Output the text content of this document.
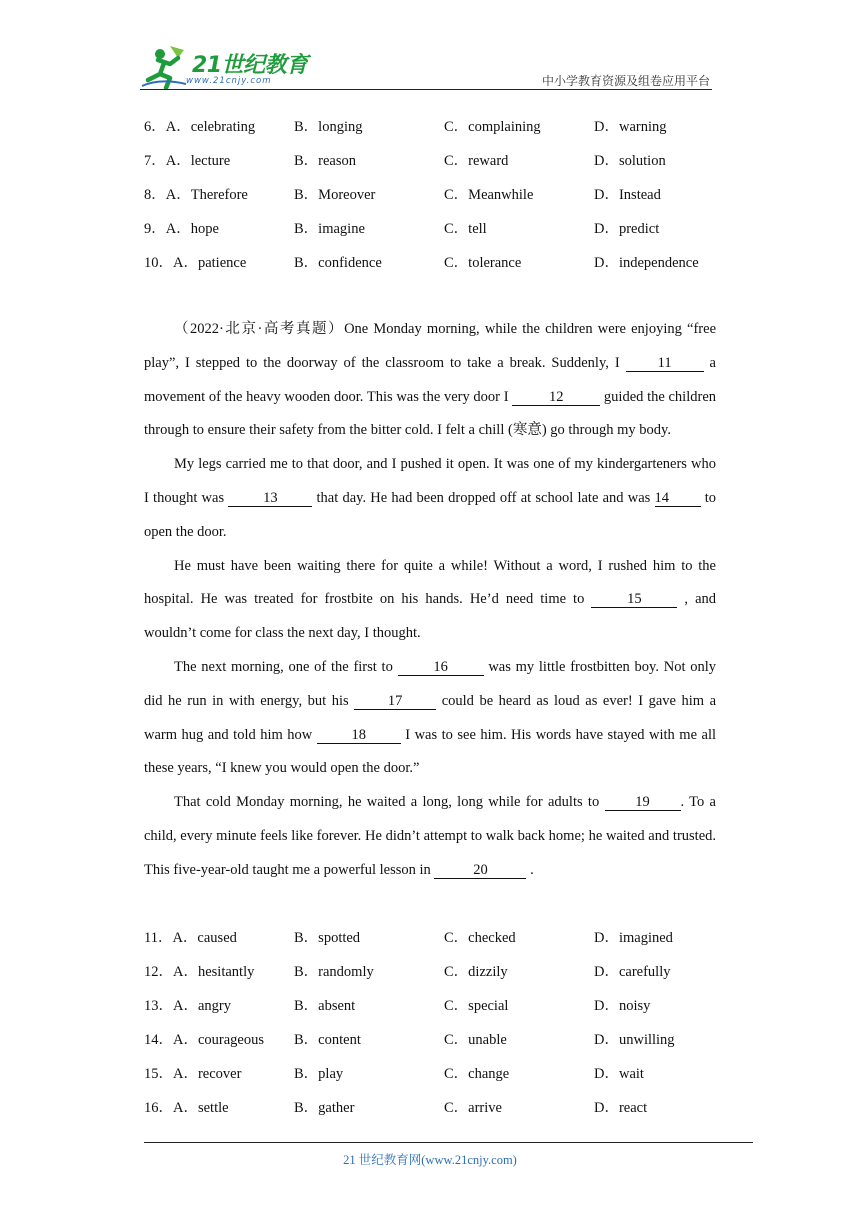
21世纪教育
www.21cnjy.com	中小学教育资源及组卷应用平台
6．A．celebrating	B．longing	C．complaining	D．warning
7．A．lecture	B．reason	C．reward	D．solution
8．A．Therefore	B．Moreover	C．Meanwhile	D．Instead
9．A．hope	B．imagine	C．tell	D．predict
10．A．patience	B．confidence	C．tolerance	D．independence

（2022·北京·高考真题）One Monday morning, while the children were enjoying “free play”, I stepped to the doorway of the classroom to take a break. Suddenly, I 11 a movement of the heavy wooden door. This was the very door I	12	guided the children through to ensure their safety from the bitter cold. I felt a chill (寒意) go through my body.

My legs carried me to that door, and I pushed it open. It was one of my kindergarteners who I thought was 13 that day. He had been dropped off at school late and was 14 to open the door.

He must have been waiting there for quite a while! Without a word, I rushed him to the hospital. He was treated for frostbite on his hands. He’d need time to 15 , and wouldn’t come for class the next day, I thought.

The next morning, one of the first to 16 was my little frostbitten boy. Not only did he run in with energy, but his 17 could be heard as loud as ever! I gave him a warm hug and told him how 18 I was to see him. His words have stayed with me all these years, “I knew you would open the door.”

That cold Monday morning, he waited a long, long while for adults to 19 . To a child, every minute feels like forever. He didn’t attempt to walk back home; he waited and trusted. This five-year-old taught me a powerful lesson in	20	.

11．A．caused	B．spotted	C．checked	D．imagined
12．A．hesitantly	B．randomly	C．dizzily	D．carefully
13．A．angry	B．absent	C．special	D．noisy
14．A．courageous B．content	C．unable	D．unwilling
15．A．recover	B．play	C．change	D．wait
16．A．settle	B．gather	C．arrive	D．react
21 世纪教育网(www.21cnjy.com)
